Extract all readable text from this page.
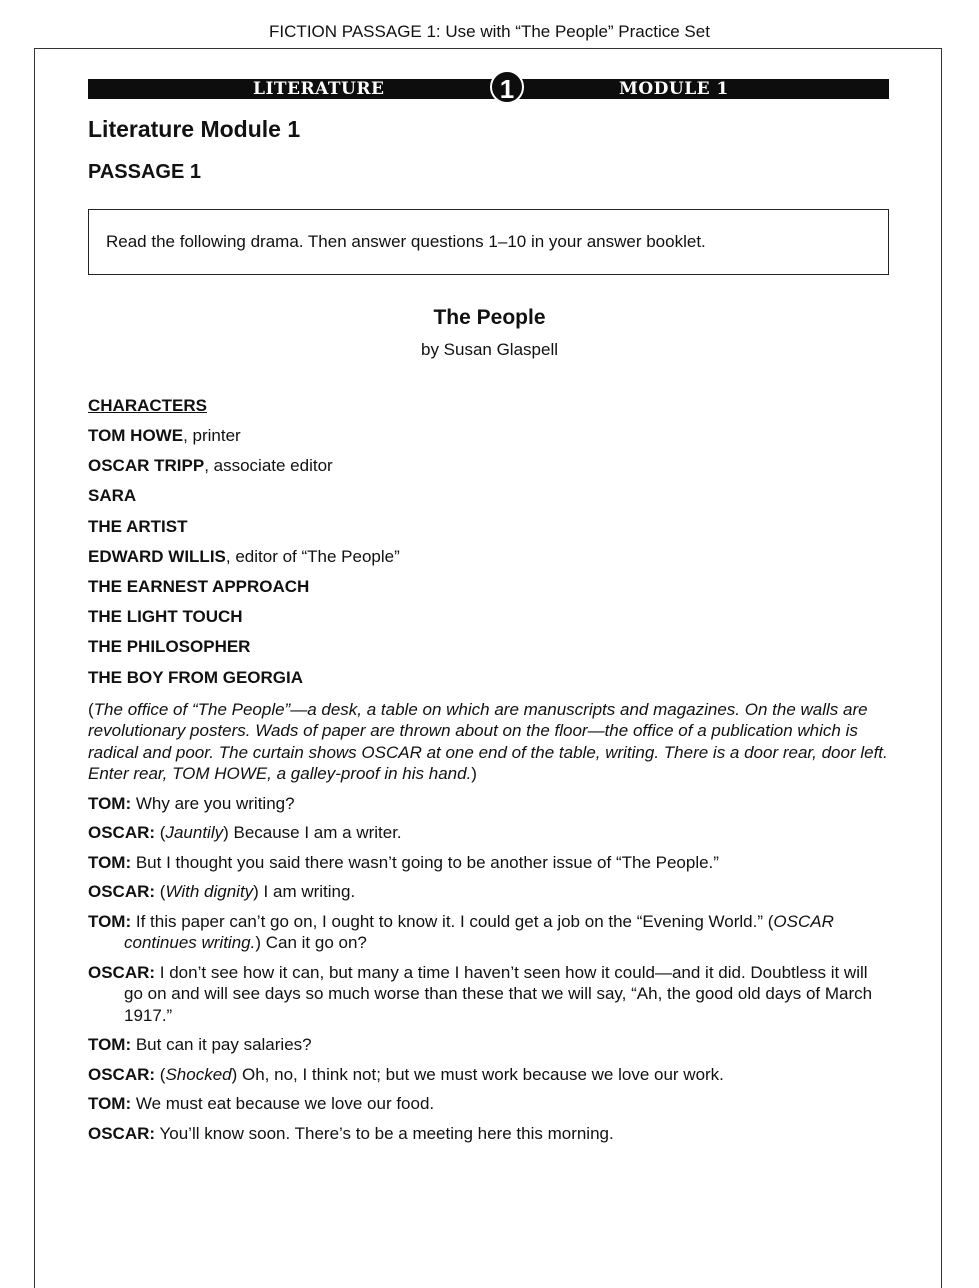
FICTION PASSAGE 1: Use with “The People” Practice Set
LITERATURE	1	MODULE 1
Literature Module 1
PASSAGE 1
Read the following drama. Then answer questions 1–10 in your answer booklet.
The People
by Susan Glaspell
CHARACTERS
TOM HOWE, printer
OSCAR TRIPP, associate editor
SARA
THE ARTIST
EDWARD WILLIS, editor of “The People”
THE EARNEST APPROACH
THE LIGHT TOUCH
THE PHILOSOPHER
THE BOY FROM GEORGIA
(The office of “The People”—a desk, a table on which are manuscripts and magazines. On the walls are revolutionary posters. Wads of paper are thrown about on the floor—the office of a publication which is radical and poor. The curtain shows OSCAR at one end of the table, writing. There is a door rear, door left. Enter rear, TOM HOWE, a galley-proof in his hand.)
TOM: Why are you writing?
OSCAR: (Jauntily) Because I am a writer.
TOM: But I thought you said there wasn’t going to be another issue of “The People.”
OSCAR: (With dignity) I am writing.
TOM: If this paper can’t go on, I ought to know it. I could get a job on the “Evening World.” (OSCAR continues writing.) Can it go on?
OSCAR: I don’t see how it can, but many a time I haven’t seen how it could—and it did. Doubtless it will go on and will see days so much worse than these that we will say, “Ah, the good old days of March 1917.”
TOM: But can it pay salaries?
OSCAR: (Shocked) Oh, no, I think not; but we must work because we love our work.
TOM: We must eat because we love our food.
OSCAR: You’ll know soon. There’s to be a meeting here this morning.
